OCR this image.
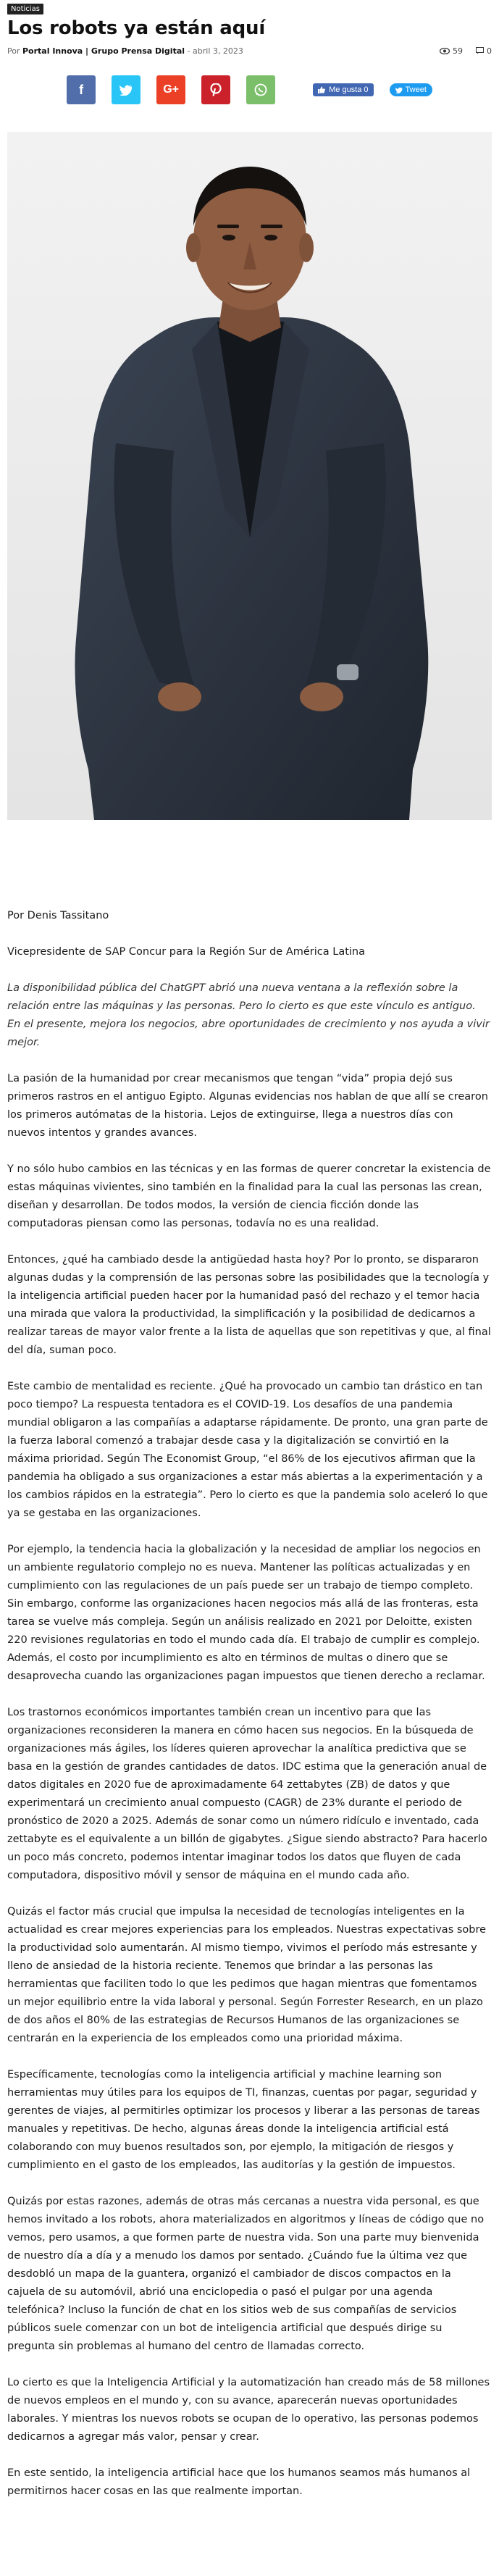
Noticias
Los robots ya están aquí
Por Portal Innova | Grupo Prensa Digital - abril 3, 2023	59	0
f	G+	Me gusta 0	Tweet

Por Denis Tassitano

Vicepresidente de SAP Concur para la Región Sur de América Latina

La disponibilidad pública del ChatGPT abrió una nueva ventana a la reflexión sobre la relación entre las máquinas y las personas. Pero lo cierto es que este vínculo es antiguo. En el presente, mejora los negocios, abre oportunidades de crecimiento y nos ayuda a vivir mejor.

La pasión de la humanidad por crear mecanismos que tengan “vida” propia dejó sus primeros rastros en el antiguo Egipto. Algunas evidencias nos hablan de que allí se crearon los primeros autómatas de la historia. Lejos de extinguirse, llega a nuestros días con nuevos intentos y grandes avances.

Y no sólo hubo cambios en las técnicas y en las formas de querer concretar la existencia de estas máquinas vivientes, sino también en la finalidad para la cual las personas las crean, diseñan y desarrollan. De todos modos, la versión de ciencia ficción donde las computadoras piensan como las personas, todavía no es una realidad.

Entonces, ¿qué ha cambiado desde la antigüedad hasta hoy? Por lo pronto, se dispararon algunas dudas y la comprensión de las personas sobre las posibilidades que la tecnología y la inteligencia artificial pueden hacer por la humanidad pasó del rechazo y el temor hacia una mirada que valora la productividad, la simplificación y la posibilidad de dedicarnos a realizar tareas de mayor valor frente a la lista de aquellas que son repetitivas y que, al final del día, suman poco.

Este cambio de mentalidad es reciente. ¿Qué ha provocado un cambio tan drástico en tan poco tiempo? La respuesta tentadora es el COVID-19. Los desafíos de una pandemia mundial obligaron a las compañías a adaptarse rápidamente. De pronto, una gran parte de la fuerza laboral comenzó a trabajar desde casa y la digitalización se convirtió en la máxima prioridad. Según The Economist Group, “el 86% de los ejecutivos afirman que la pandemia ha obligado a sus organizaciones a estar más abiertas a la experimentación y a los cambios rápidos en la estrategia”. Pero lo cierto es que la pandemia solo aceleró lo que ya se gestaba en las organizaciones.

Por ejemplo, la tendencia hacia la globalización y la necesidad de ampliar los negocios en un ambiente regulatorio complejo no es nueva. Mantener las políticas actualizadas y en cumplimiento con las regulaciones de un país puede ser un trabajo de tiempo completo. Sin embargo, conforme las organizaciones hacen negocios más allá de las fronteras, esta tarea se vuelve más compleja. Según un análisis realizado en 2021 por Deloitte, existen 220 revisiones regulatorias en todo el mundo cada día. El trabajo de cumplir es complejo. Además, el costo por incumplimiento es alto en términos de multas o dinero que se desaprovecha cuando las organizaciones pagan impuestos que tienen derecho a reclamar.

Los trastornos económicos importantes también crean un incentivo para que las organizaciones reconsideren la manera en cómo hacen sus negocios. En la búsqueda de organizaciones más ágiles, los líderes quieren aprovechar la analítica predictiva que se basa en la gestión de grandes cantidades de datos. IDC estima que la generación anual de datos digitales en 2020 fue de aproximadamente 64 zettabytes (ZB) de datos y que experimentará un crecimiento anual compuesto (CAGR) de 23% durante el periodo de pronóstico de 2020 a 2025. Además de sonar como un número ridículo e inventado, cada zettabyte es el equivalente a un billón de gigabytes. ¿Sigue siendo abstracto? Para hacerlo un poco más concreto, podemos intentar imaginar todos los datos que fluyen de cada computadora, dispositivo móvil y sensor de máquina en el mundo cada año.

Quizás el factor más crucial que impulsa la necesidad de tecnologías inteligentes en la actualidad es crear mejores experiencias para los empleados. Nuestras expectativas sobre la productividad solo aumentarán. Al mismo tiempo, vivimos el período más estresante y lleno de ansiedad de la historia reciente. Tenemos que brindar a las personas las herramientas que faciliten todo lo que les pedimos que hagan mientras que fomentamos un mejor equilibrio entre la vida laboral y personal. Según Forrester Research, en un plazo de dos años el 80% de las estrategias de Recursos Humanos de las organizaciones se centrarán en la experiencia de los empleados como una prioridad máxima.

Específicamente, tecnologías como la inteligencia artificial y machine learning son herramientas muy útiles para los equipos de TI, finanzas, cuentas por pagar, seguridad y gerentes de viajes, al permitirles optimizar los procesos y liberar a las personas de tareas manuales y repetitivas. De hecho, algunas áreas donde la inteligencia artificial está colaborando con muy buenos resultados son, por ejemplo, la mitigación de riesgos y cumplimiento en el gasto de los empleados, las auditorías y la gestión de impuestos.

Quizás por estas razones, además de otras más cercanas a nuestra vida personal, es que hemos invitado a los robots, ahora materializados en algoritmos y líneas de código que no vemos, pero usamos, a que formen parte de nuestra vida. Son una parte muy bienvenida de nuestro día a día y a menudo los damos por sentado. ¿Cuándo fue la última vez que desdobló un mapa de la guantera, organizó el cambiador de discos compactos en la cajuela de su automóvil, abrió una enciclopedia o pasó el pulgar por una agenda telefónica? Incluso la función de chat en los sitios web de sus compañías de servicios públicos suele comenzar con un bot de inteligencia artificial que después dirige su pregunta sin problemas al humano del centro de llamadas correcto.

Lo cierto es que la Inteligencia Artificial y la automatización han creado más de 58 millones de nuevos empleos en el mundo y, con su avance, aparecerán nuevas oportunidades laborales. Y mientras los nuevos robots se ocupan de lo operativo, las personas podemos dedicarnos a agregar más valor, pensar y crear.

En este sentido, la inteligencia artificial hace que los humanos seamos más humanos al permitirnos hacer cosas en las que realmente importan.
